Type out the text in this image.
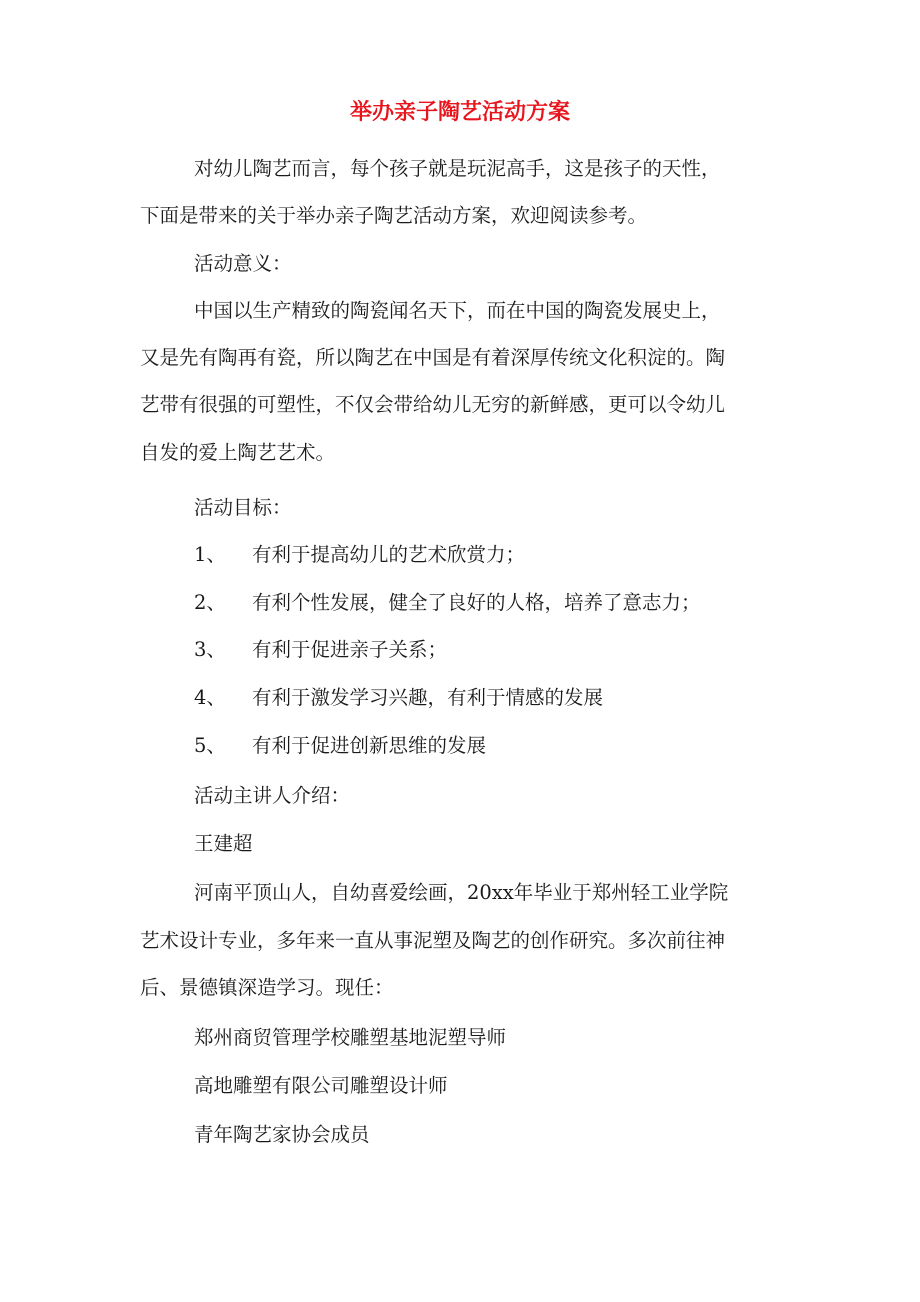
举办亲子陶艺活动方案

对幼儿陶艺而言，每个孩子就是玩泥高手，这是孩子的天性，

下面是带来的关于举办亲子陶艺活动方案，欢迎阅读参考。

活动意义：

中国以生产精致的陶瓷闻名天下，而在中国的陶瓷发展史上，

又是先有陶再有瓷，所以陶艺在中国是有着深厚传统文化积淀的。陶

艺带有很强的可塑性，不仅会带给幼儿无穷的新鲜感，更可以令幼儿

自发的爱上陶艺艺术。

活动目标：

1、 有利于提高幼儿的艺术欣赏力；

2、 有利个性发展，健全了良好的人格，培养了意志力；

3、 有利于促进亲子关系；

4、 有利于激发学习兴趣，有利于情感的发展

5、 有利于促进创新思维的发展

活动主讲人介绍：

王建超

河南平顶山人，自幼喜爱绘画，20xx年毕业于郑州轻工业学院

艺术设计专业，多年来一直从事泥塑及陶艺的创作研究。多次前往神

后、景德镇深造学习。现任：

郑州商贸管理学校雕塑基地泥塑导师

高地雕塑有限公司雕塑设计师

青年陶艺家协会成员
